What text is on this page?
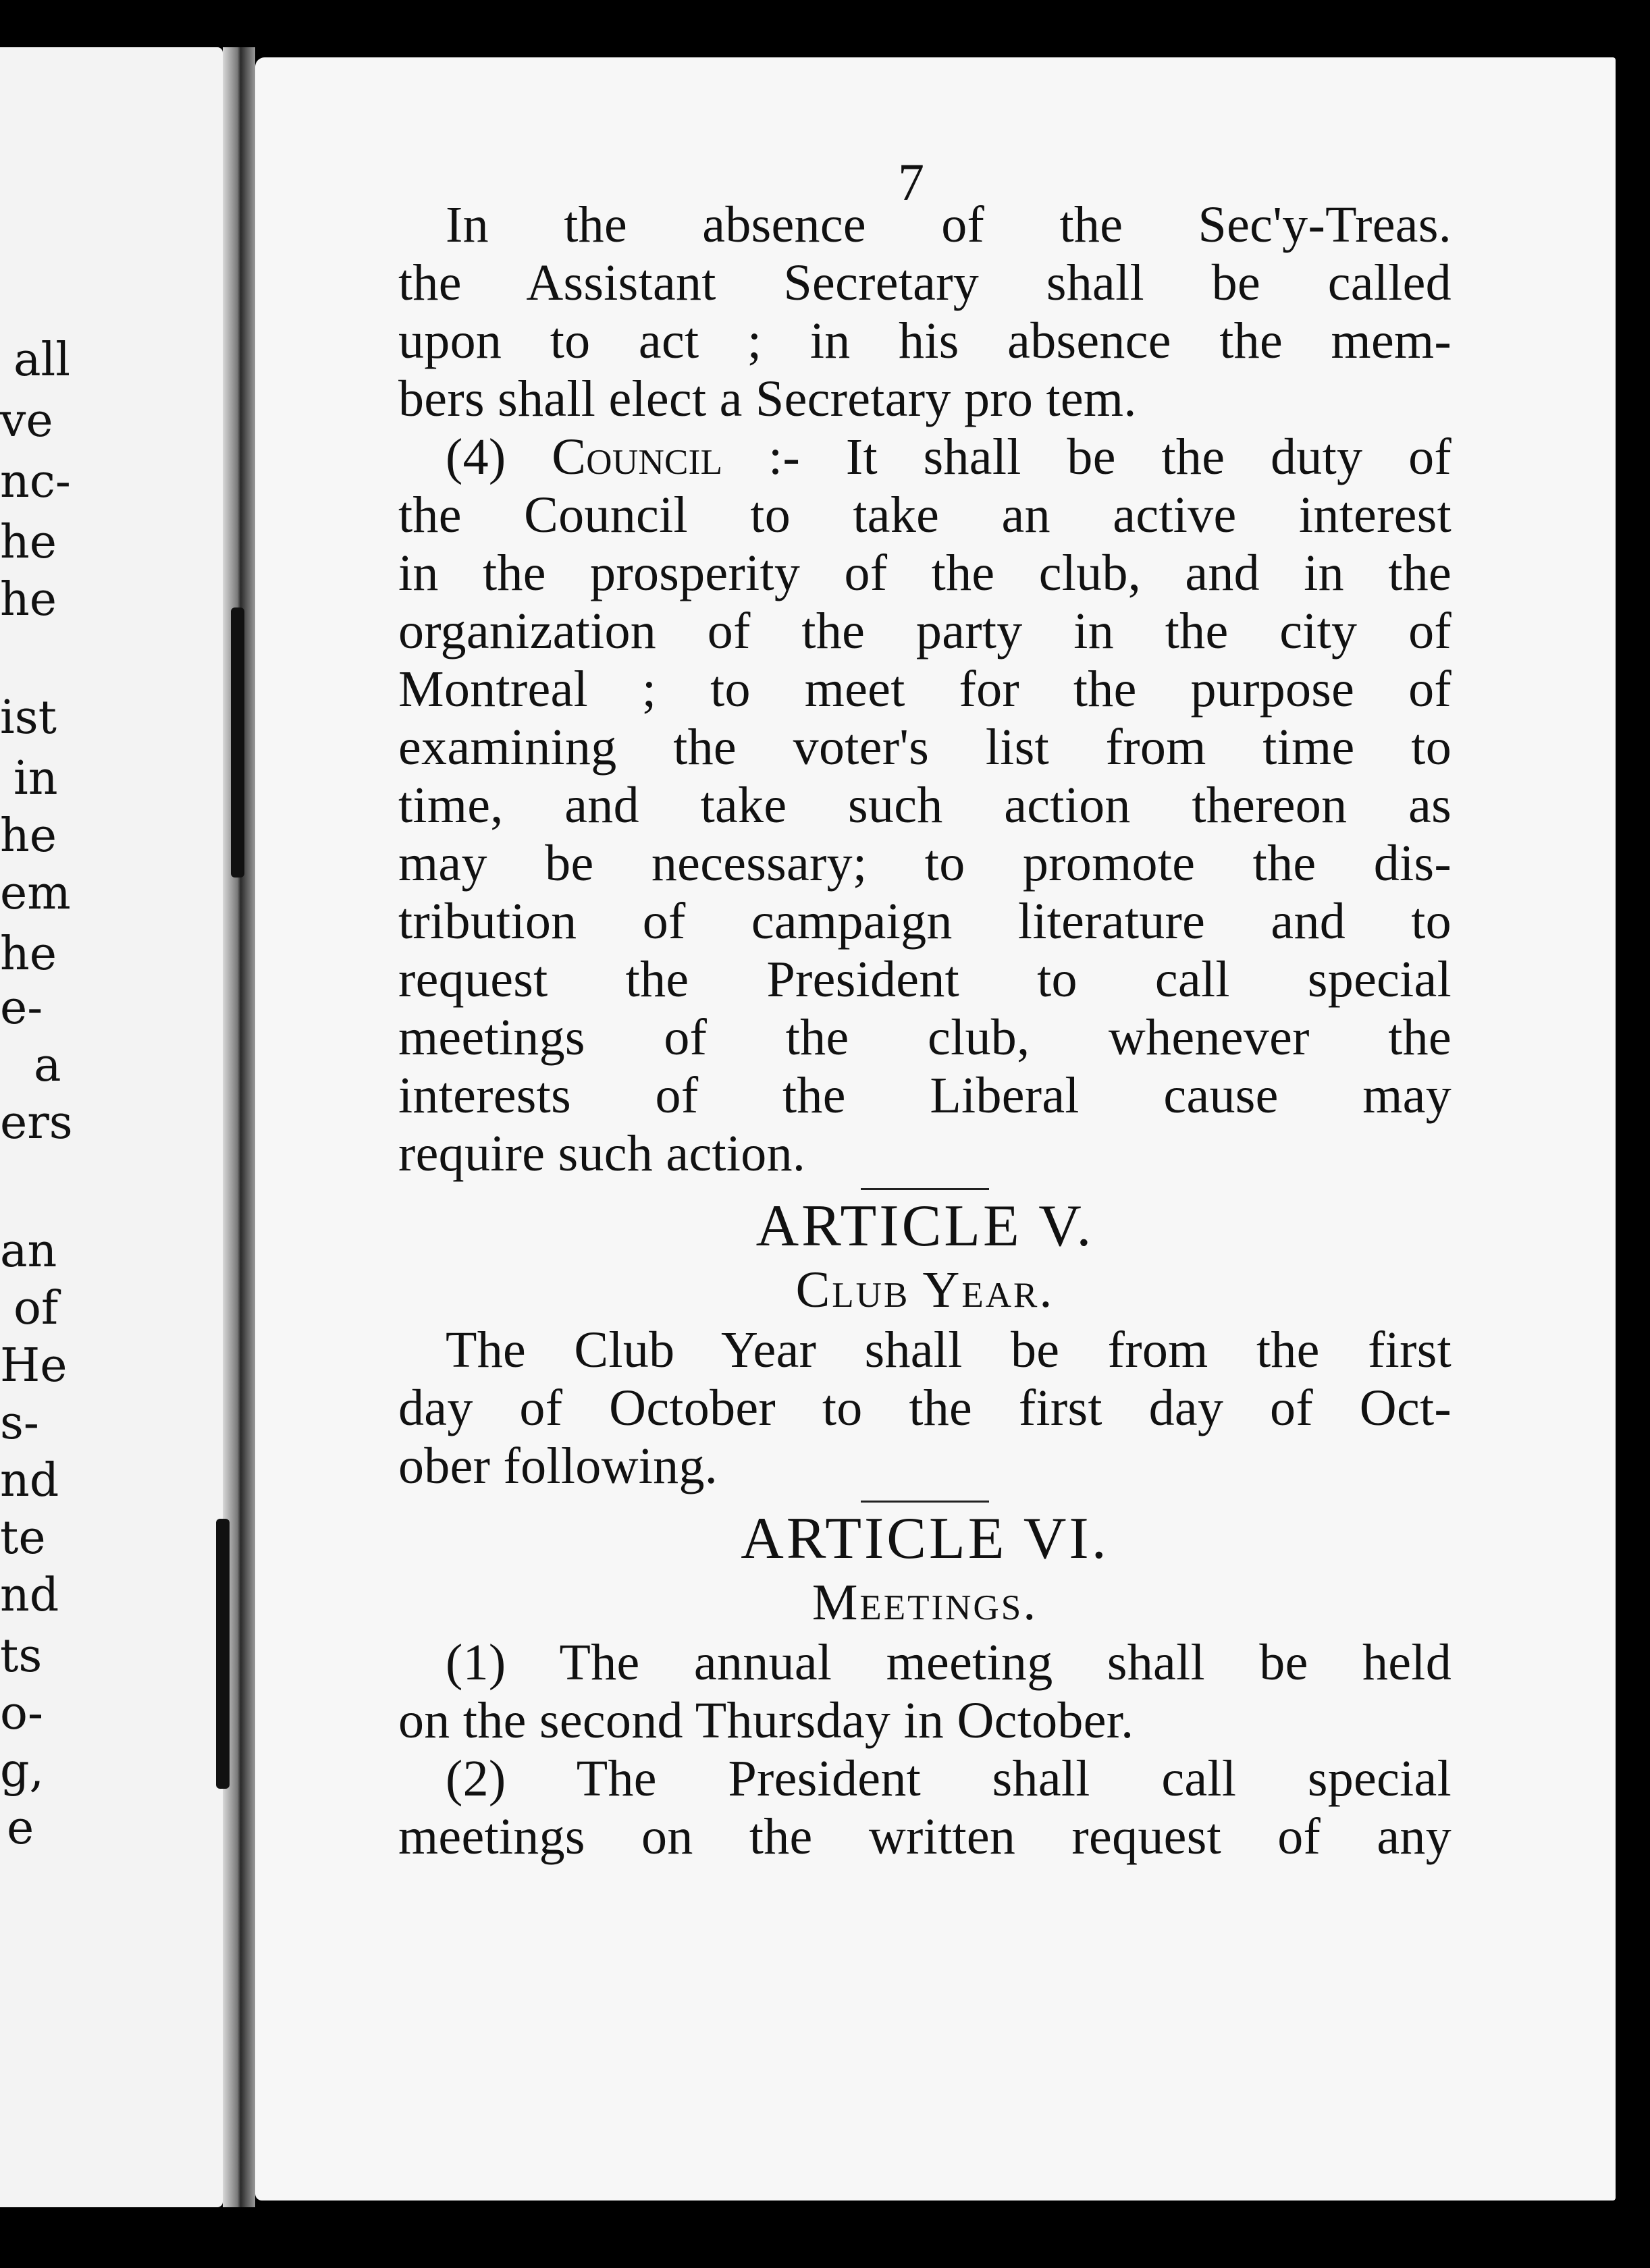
all
ve
nc-
he
he
ist
in
he
em
he
e-
a
ers
an
of
He
s-
nd
te
nd
ts
o-
g,
e
7
In the absence of the Sec'y-Treas.
the Assistant Secretary shall be called
upon to act ; in his absence the mem-
bers shall elect a Secretary pro tem.
(4) Council :- It shall be the duty of
the Council to take an active interest
in the prosperity of the club, and in the
organization of the party in the city of
Montreal ; to meet for the purpose of
examining the voter's list from time to
time, and take such action thereon as
may be necessary; to promote the dis-
tribution of campaign literature and to
request the President to call special
meetings of the club, whenever the
interests of the Liberal cause may
require such action.
ARTICLE V.
Club Year.
The Club Year shall be from the first
day of October to the first day of Oct-
ober following.
ARTICLE VI.
Meetings.
(1) The annual meeting shall be held
on the second Thursday in October.
(2) The President shall call special
meetings on the written request of any
